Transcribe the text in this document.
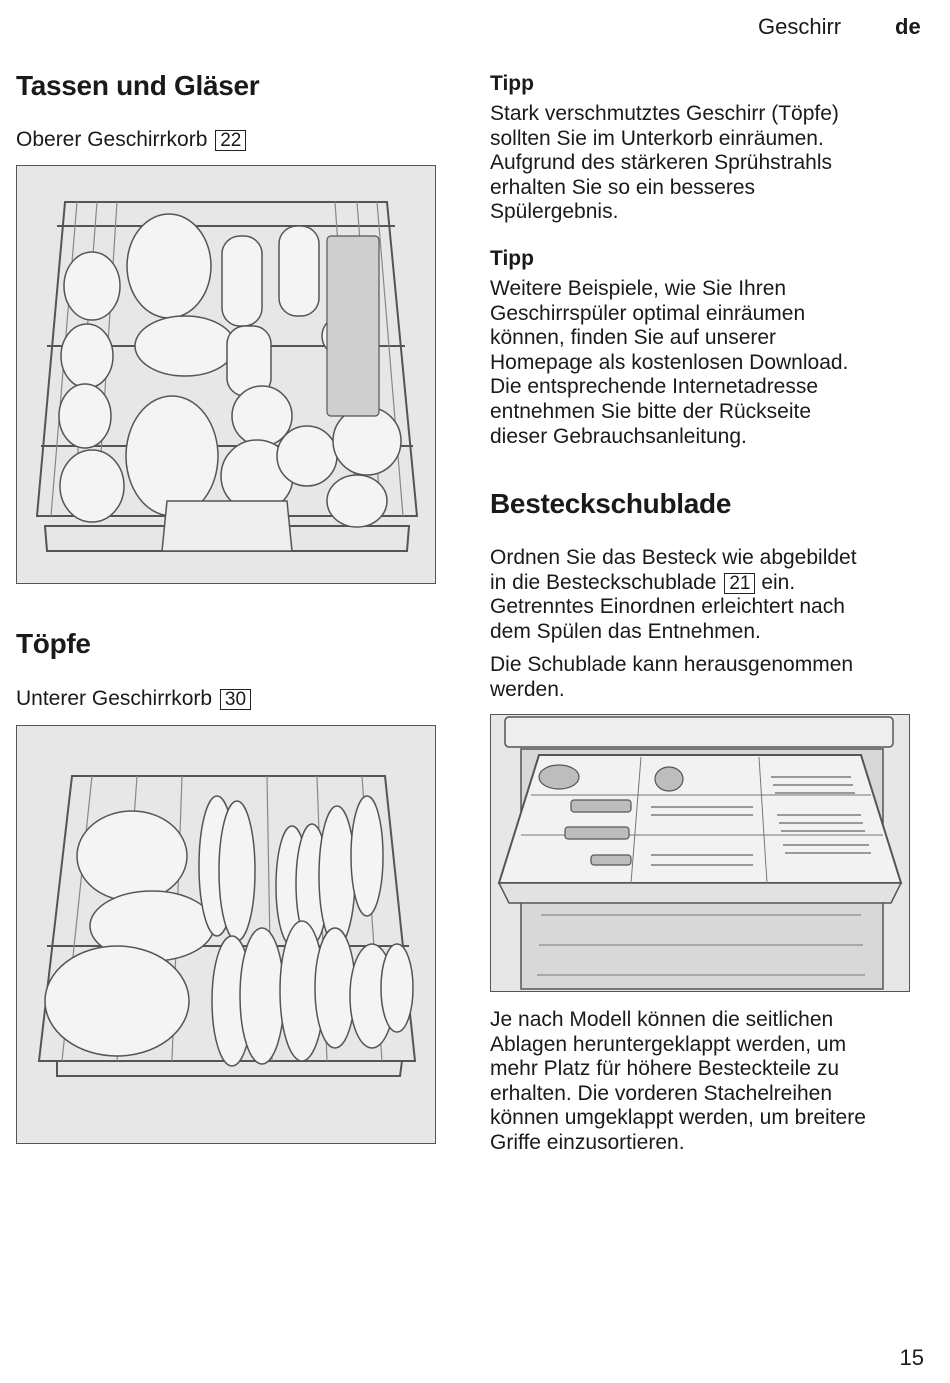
Geschirr de
Tassen und Gläser
Oberer Geschirrkorb 22
Töpfe
Unterer Geschirrkorb 30
Tipp
Stark verschmutztes Geschirr (Töpfe)
sollten Sie im Unterkorb einräumen.
Aufgrund des stärkeren Sprühstrahls
erhalten Sie so ein besseres
Spülergebnis.
Tipp
Weitere Beispiele, wie Sie Ihren
Geschirrspüler optimal einräumen
können, finden Sie auf unserer
Homepage als kostenlosen Download.
Die entsprechende Internetadresse
entnehmen Sie bitte der Rückseite
dieser Gebrauchsanleitung.
Besteckschublade
Ordnen Sie das Besteck wie abgebildet
in die Besteckschublade 21 ein.
Getrenntes Einordnen erleichtert nach
dem Spülen das Entnehmen.
Die Schublade kann herausgenommen
werden.
Je nach Modell können die seitlichen
Ablagen heruntergeklappt werden, um
mehr Platz für höhere Besteckteile zu
erhalten. Die vorderen Stachelreihen
können umgeklappt werden, um breitere
Griffe einzusortieren.
15
